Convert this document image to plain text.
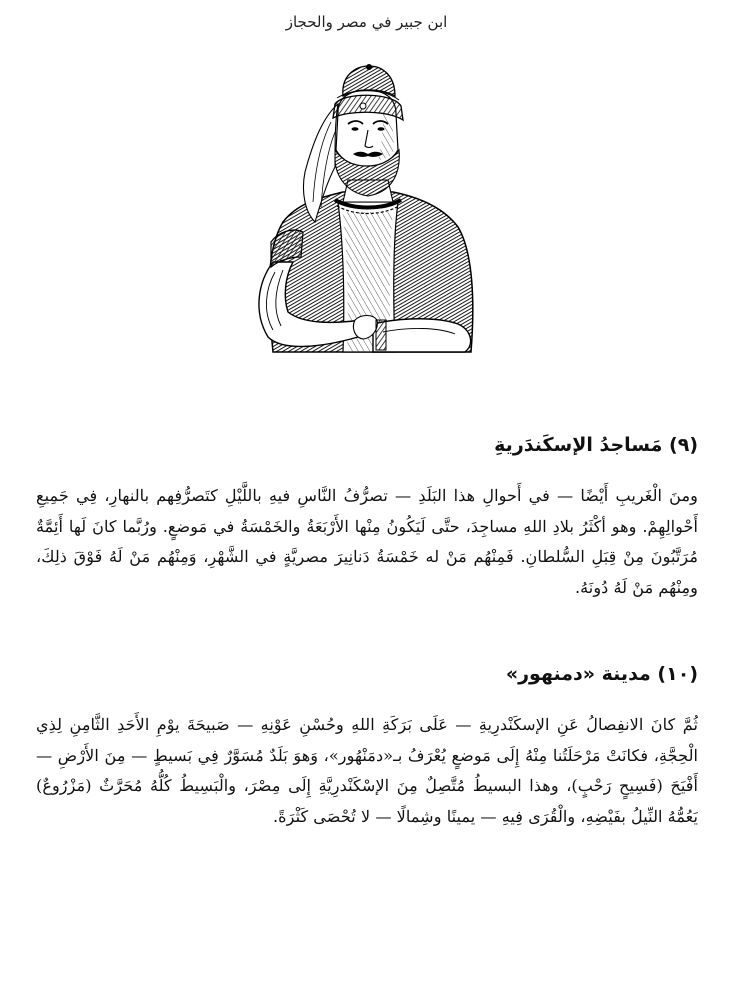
ابن جبير في مصر والحجاز
(٩) مَساجدُ الإسكَندَريةِ

ومنَ الْغَريبِ أَيْضًا — في أَحوالِ هذا البَلَدِ — تصرُّفُ النَّاسِ فيهِ باللَّيْلِ كتَصرُّفِهم بالنهارِ، فِي جَمِيعِ أَحْوالِهِمْ. وهو أكْثَرُ بلادِ اللهِ مساجِدَ، حتَّى لَيَكُونُ مِنْها الأَرْبَعَةُ والخَمْسَةُ في مَوضعٍ. ورُبَّما كانَ لَها أَئِمَّةٌ مُرَتَّبُونَ مِنْ قِبَلِ السُّلطانِ. فَمِنْهُم مَنْ له خَمْسَةُ دَنانِيرَ مصريَّةٍ في الشَّهْرِ، وَمِنْهُم مَنْ لَهُ فَوْقَ ذلِكَ، ومِنْهُم مَنْ لَهُ دُونَهُ.

(١٠) مدينة «دمنهور»

ثُمَّ كانَ الانفِصالُ عَنِ الإسكَنْدرِيةِ — عَلَى بَرَكَةِ اللهِ وحُسْنِ عَوْنِهِ — صَبيحَةَ يوْمِ الأَحَدِ الثَّامِنِ لِذِي الْحِجَّةِ، فكانَتْ مَرْحَلَتُنا مِنْهُ إِلَى مَوضعٍ يُعْرَفُ بـ«دمَنْهُور»، وَهوَ بَلَدٌ مُسَوَّرٌ فِي بَسيطٍ — مِنَ الأَرْضِ — أَفْيَحَ (فَسِيحٍ رَحْبٍ)، وهذا البسيطُ مُتَّصِلٌ مِنَ الإسْكَنْدرِيَّةِ إِلَى مِصْرَ، والْبَسِيطُ كُلُّهُ مُحَرَّثٌ (مَزْرُوعٌ) يَعُمُّهُ النِّيلُ بفَيْضِهِ، والْقُرَى فِيهِ — يمينًا وشِمالًا — لا تُحْصَى كَثْرَةً.
